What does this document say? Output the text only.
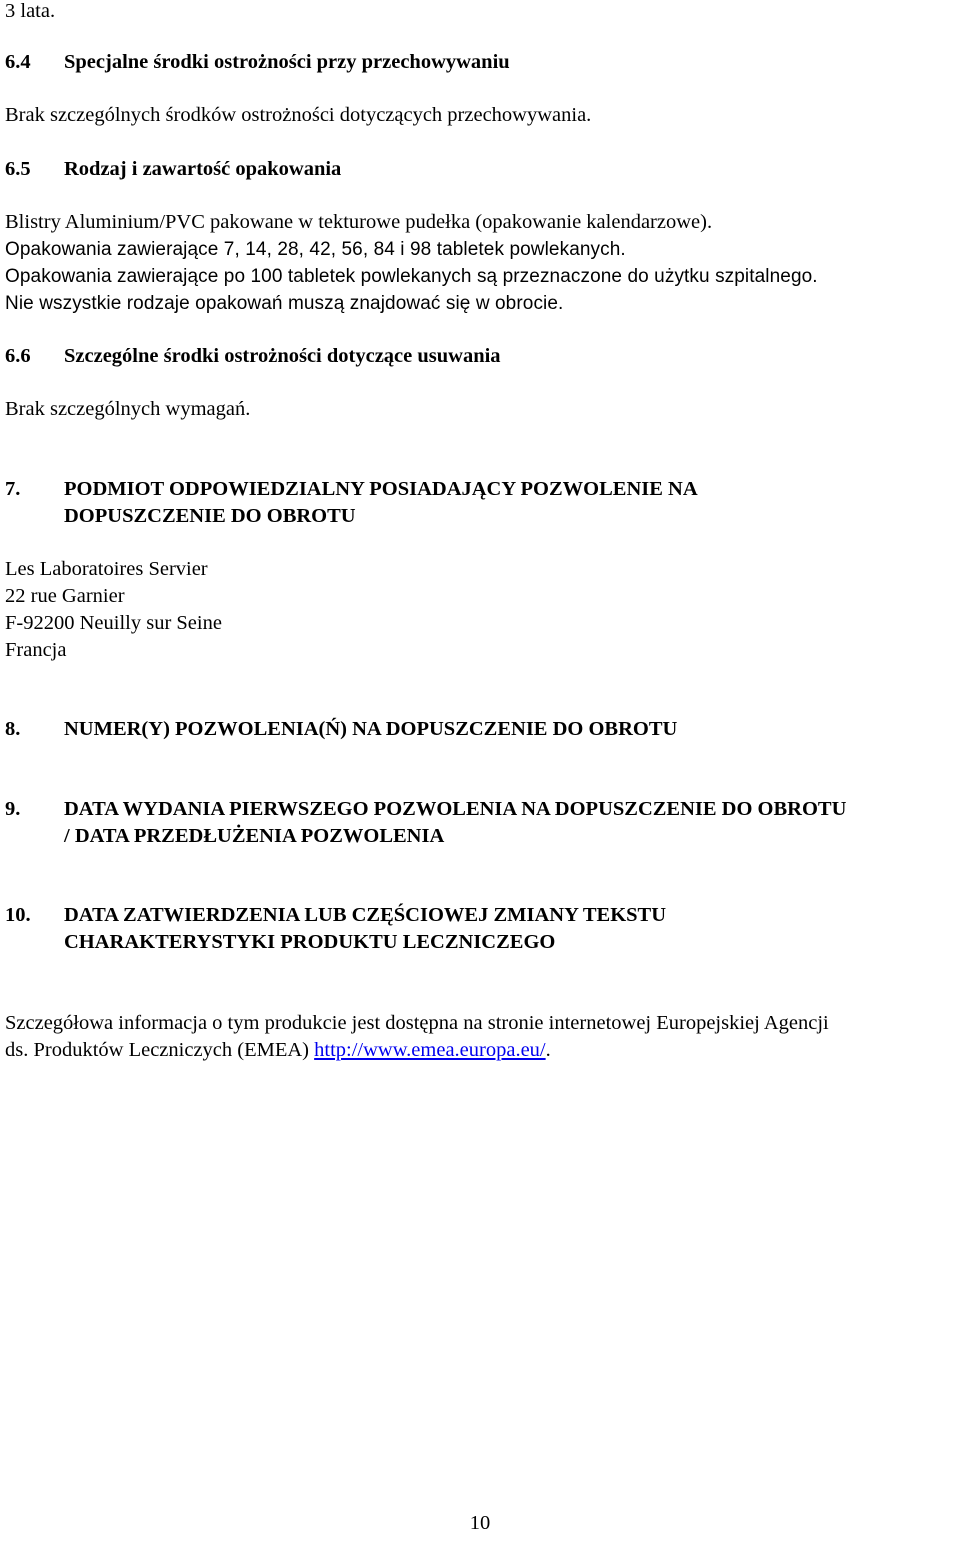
3 lata.

6.4 Specjalne środki ostrożności przy przechowywaniu

Brak szczególnych środków ostrożności dotyczących przechowywania.

6.5 Rodzaj i zawartość opakowania

Blistry Aluminium/PVC pakowane w tekturowe pudełka (opakowanie kalendarzowe).

Opakowania zawierające 7, 14, 28, 42, 56, 84 i 98 tabletek powlekanych.

Opakowania zawierające po 100 tabletek powlekanych są przeznaczone do użytku szpitalnego.

Nie wszystkie rodzaje opakowań muszą znajdować się w obrocie.

6.6 Szczególne środki ostrożności dotyczące usuwania

Brak szczególnych wymagań.

7. PODMIOT ODPOWIEDZIALNY POSIADAJĄCY POZWOLENIE NA
DOPUSZCZENIE DO OBROTU

Les Laboratoires Servier

22 rue Garnier

F-92200 Neuilly sur Seine

Francja

8. NUMER(Y) POZWOLENIA(Ń) NA DOPUSZCZENIE DO OBROTU
9. DATA WYDANIA PIERWSZEGO POZWOLENIA NA DOPUSZCZENIE DO OBROTU
/ DATA PRZEDŁUŻENIA POZWOLENIA
10. DATA ZATWIERDZENIA LUB CZĘŚCIOWEJ ZMIANY TEKSTU
CHARAKTERYSTYKI PRODUKTU LECZNICZEGO

Szczegółowa informacja o tym produkcie jest dostępna na stronie internetowej Europejskiej Agencji

ds. Produktów Leczniczych (EMEA) http://www.emea.europa.eu/.

10
